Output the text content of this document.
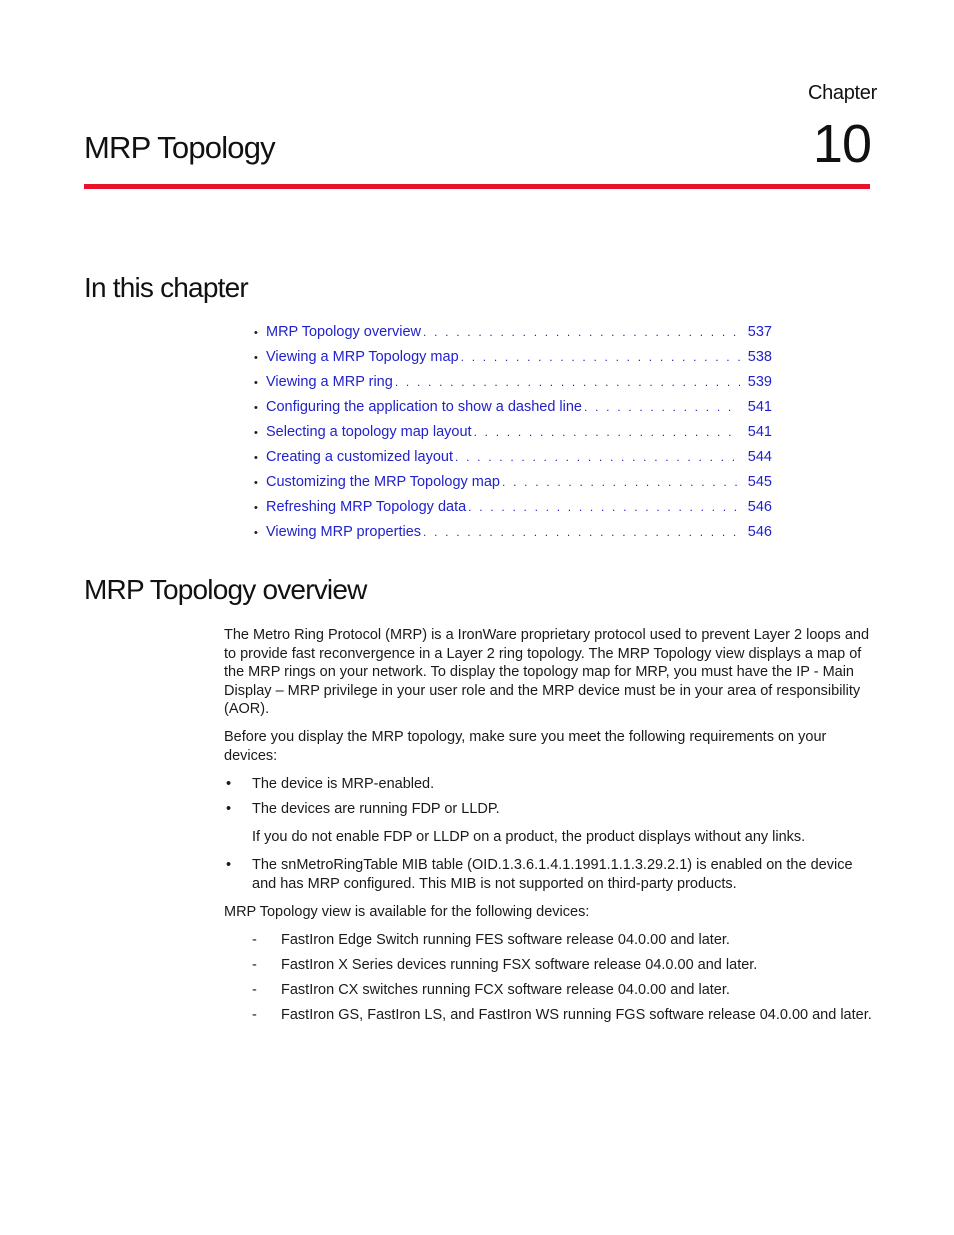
Chapter
10
MRP Topology
In this chapter
• MRP Topology overview . . .	537
• Viewing a MRP Topology map . . .	538
• Viewing a MRP ring . . .	539
• Configuring the application to show a dashed line . . .	541
• Selecting a topology map layout . . .	541
• Creating a customized layout . . .	544
• Customizing the MRP Topology map . . .	545
• Refreshing MRP Topology data . . .	546
• Viewing MRP properties . . .	546
MRP Topology overview

The Metro Ring Protocol (MRP) is a IronWare proprietary protocol used to prevent Layer 2 loops and to provide fast reconvergence in a Layer 2 ring topology. The MRP Topology view displays a map of the MRP rings on your network. To display the topology map for MRP, you must have the IP - Main Display – MRP privilege in your user role and the MRP device must be in your area of responsibility (AOR).

Before you display the MRP topology, make sure you meet the following requirements on your devices:

• The device is MRP-enabled.
• The devices are running FDP or LLDP.

If you do not enable FDP or LLDP on a product, the product displays without any links.

• The snMetroRingTable MIB table (OID.1.3.6.1.4.1.1991.1.1.3.29.2.1) is enabled on the device and has MRP configured. This MIB is not supported on third-party products.

MRP Topology view is available for the following devices:

- FastIron Edge Switch running FES software release 04.0.00 and later.
- FastIron X Series devices running FSX software release 04.0.00 and later.
- FastIron CX switches running FCX software release 04.0.00 and later.
- FastIron GS, FastIron LS, and FastIron WS running FGS software release 04.0.00 and later.
